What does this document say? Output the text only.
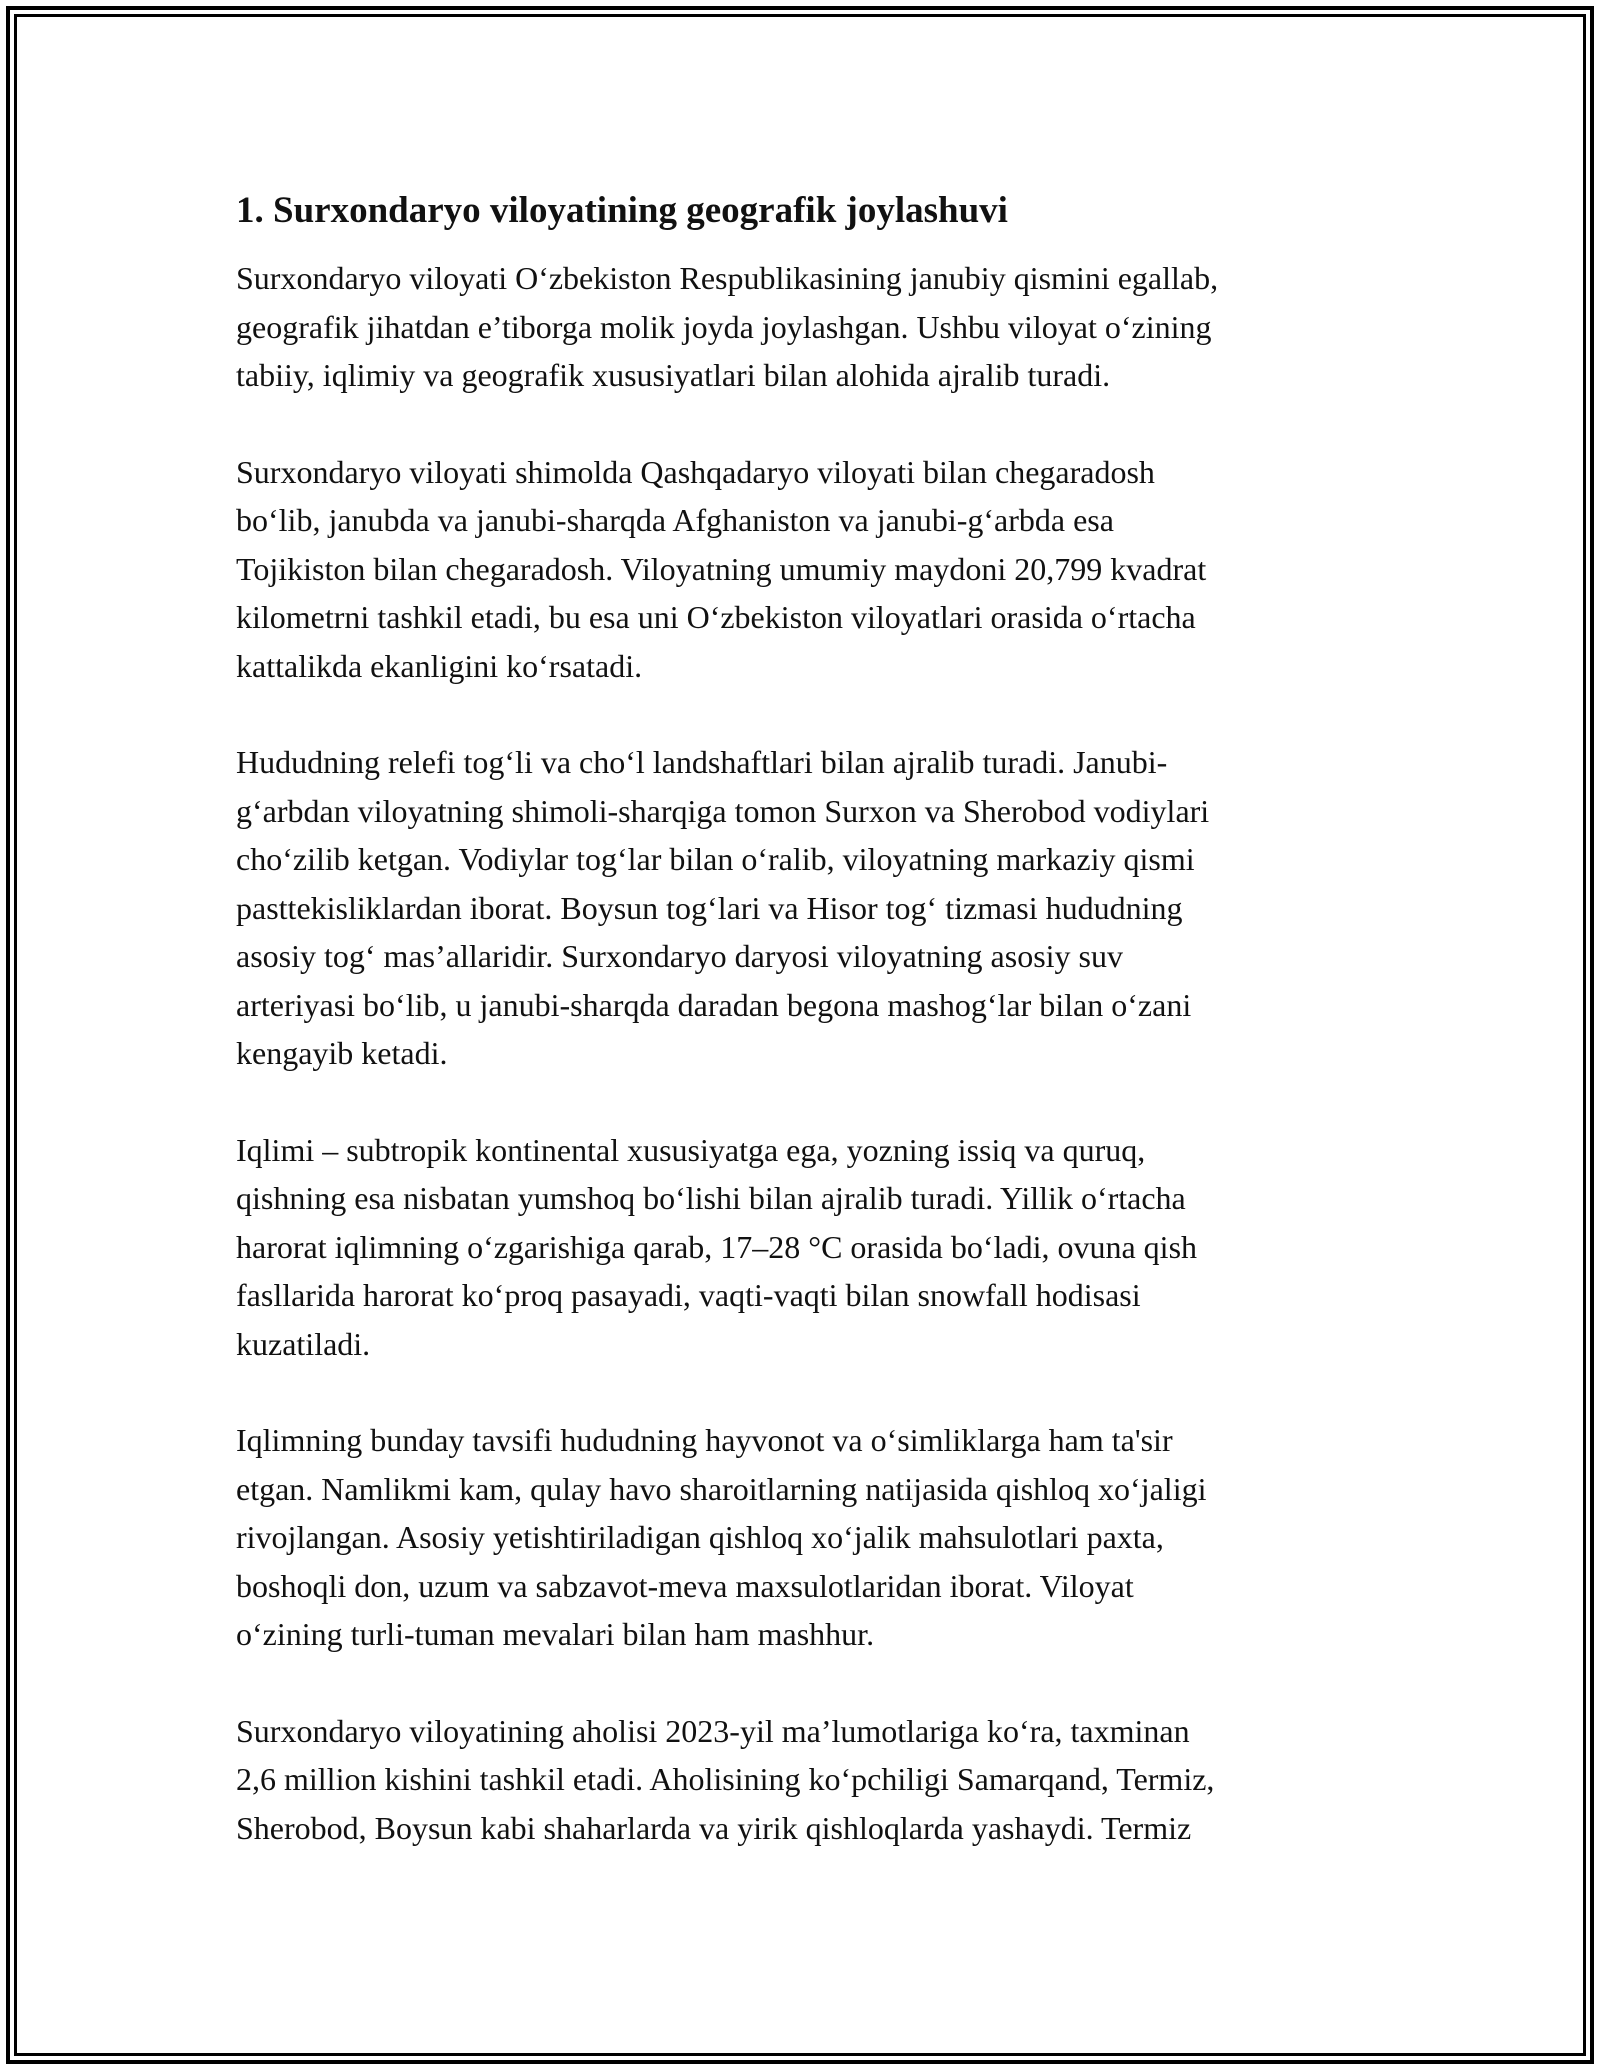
1. Surxondaryo viloyatining geografik joylashuvi

Surxondaryo viloyati O‘zbekiston Respublikasining janubiy qismini egallab,
geografik jihatdan e’tiborga molik joyda joylashgan. Ushbu viloyat o‘zining
tabiiy, iqlimiy va geografik xususiyatlari bilan alohida ajralib turadi.

Surxondaryo viloyati shimolda Qashqadaryo viloyati bilan chegaradosh
bo‘lib, janubda va janubi-sharqda Afghaniston va janubi-g‘arbda esa
Tojikiston bilan chegaradosh. Viloyatning umumiy maydoni 20,799 kvadrat
kilometrni tashkil etadi, bu esa uni O‘zbekiston viloyatlari orasida o‘rtacha
kattalikda ekanligini ko‘rsatadi.

Hududning relefi tog‘li va cho‘l landshaftlari bilan ajralib turadi. Janubi-
g‘arbdan viloyatning shimoli-sharqiga tomon Surxon va Sherobod vodiylari
cho‘zilib ketgan. Vodiylar tog‘lar bilan o‘ralib, viloyatning markaziy qismi
pasttekisliklardan iborat. Boysun tog‘lari va Hisor tog‘ tizmasi hududning
asosiy tog‘ mas’allaridir. Surxondaryo daryosi viloyatning asosiy suv
arteriyasi bo‘lib, u janubi-sharqda daradan begona mashog‘lar bilan o‘zani
kengayib ketadi.

Iqlimi – subtropik kontinental xususiyatga ega, yozning issiq va quruq,
qishning esa nisbatan yumshoq bo‘lishi bilan ajralib turadi. Yillik o‘rtacha
harorat iqlimning o‘zgarishiga qarab, 17–28 °C orasida bo‘ladi, ovuna qish
fasllarida harorat ko‘proq pasayadi, vaqti-vaqti bilan snowfall hodisasi
kuzatiladi.

Iqlimning bunday tavsifi hududning hayvonot va o‘simliklarga ham ta'sir
etgan. Namlikmi kam, qulay havo sharoitlarning natijasida qishloq xo‘jaligi
rivojlangan. Asosiy yetishtiriladigan qishloq xo‘jalik mahsulotlari paxta,
boshoqli don, uzum va sabzavot-meva maxsulotlaridan iborat. Viloyat
o‘zining turli-tuman mevalari bilan ham mashhur.

Surxondaryo viloyatining aholisi 2023-yil ma’lumotlariga ko‘ra, taxminan
2,6 million kishini tashkil etadi. Aholisining ko‘pchiligi Samarqand, Termiz,
Sherobod, Boysun kabi shaharlarda va yirik qishloqlarda yashaydi. Termiz
